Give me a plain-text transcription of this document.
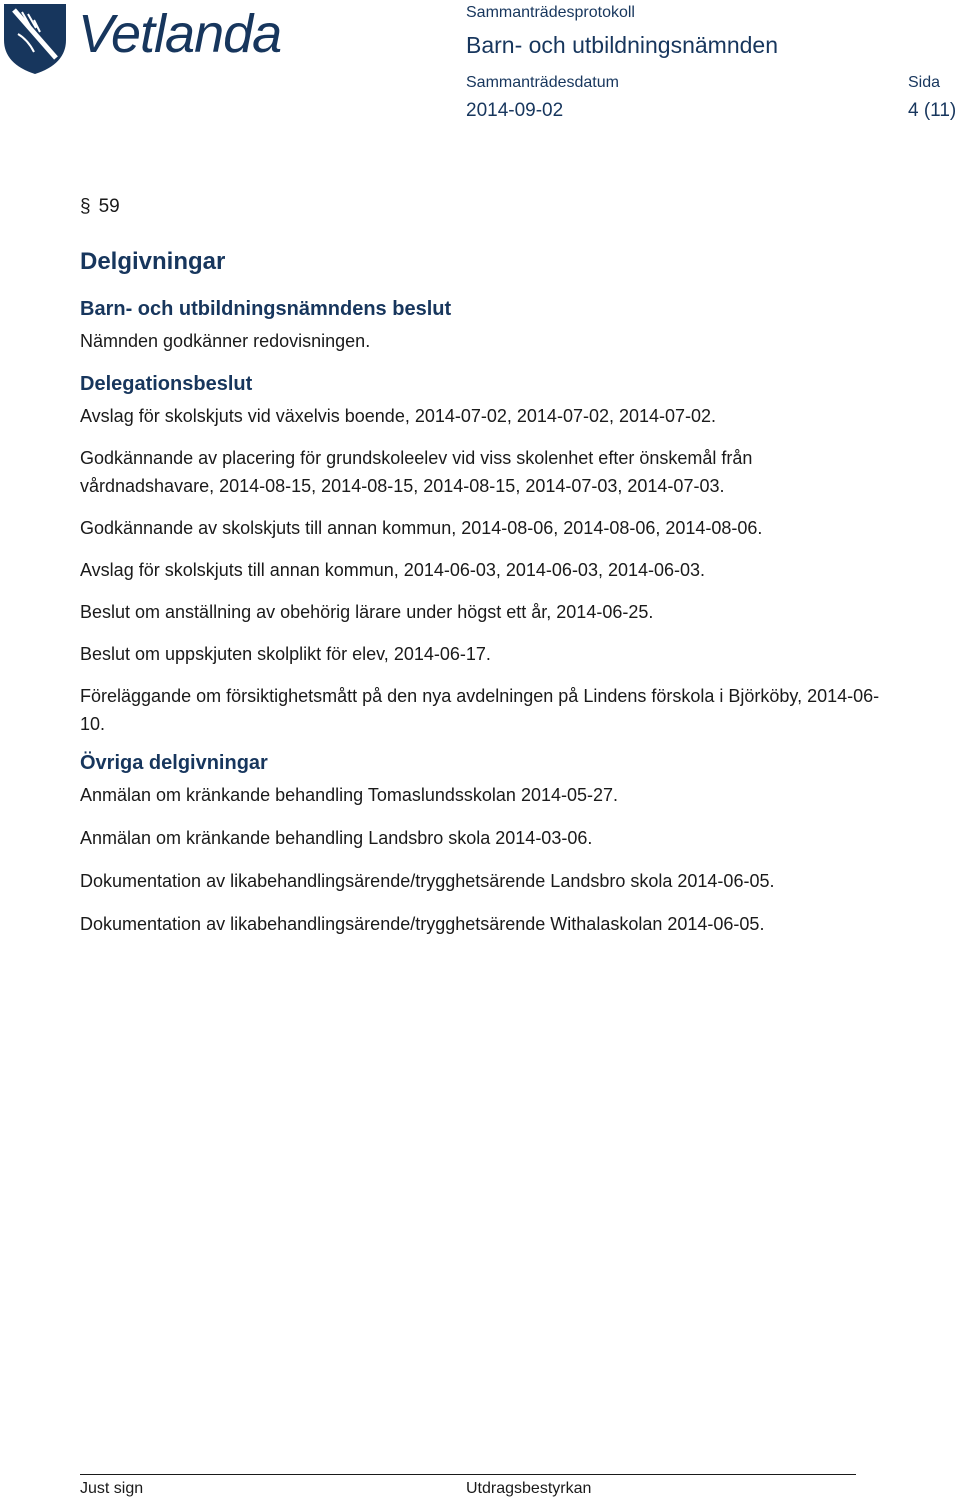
Vetlanda	Sammanträdesprotokoll
Barn- och utbildningsnämnden
Sammanträdesdatum	Sida
2014-09-02	4 (11)
§ 59
Delgivningar
Barn- och utbildningsnämndens beslut

Nämnden godkänner redovisningen.

Delegationsbeslut

Avslag för skolskjuts vid växelvis boende, 2014-07-02, 2014-07-02, 2014-07-02.

Godkännande av placering för grundskoleelev vid viss skolenhet efter önskemål från vårdnadshavare, 2014-08-15, 2014-08-15, 2014-08-15, 2014-07-03, 2014-07-03.

Godkännande av skolskjuts till annan kommun, 2014-08-06, 2014-08-06, 2014-08-06.

Avslag för skolskjuts till annan kommun, 2014-06-03, 2014-06-03, 2014-06-03.

Beslut om anställning av obehörig lärare under högst ett år, 2014-06-25.

Beslut om uppskjuten skolplikt för elev, 2014-06-17.

Föreläggande om försiktighetsmått på den nya avdelningen på Lindens förskola i Björköby, 2014-06-10.

Övriga delgivningar

Anmälan om kränkande behandling Tomaslundsskolan 2014-05-27.

Anmälan om kränkande behandling Landsbro skola 2014-03-06.

Dokumentation av likabehandlingsärende/trygghetsärende Landsbro skola 2014-06-05.

Dokumentation av likabehandlingsärende/trygghetsärende Withalaskolan 2014-06-05.

Just sign	Utdragsbestyrkan
